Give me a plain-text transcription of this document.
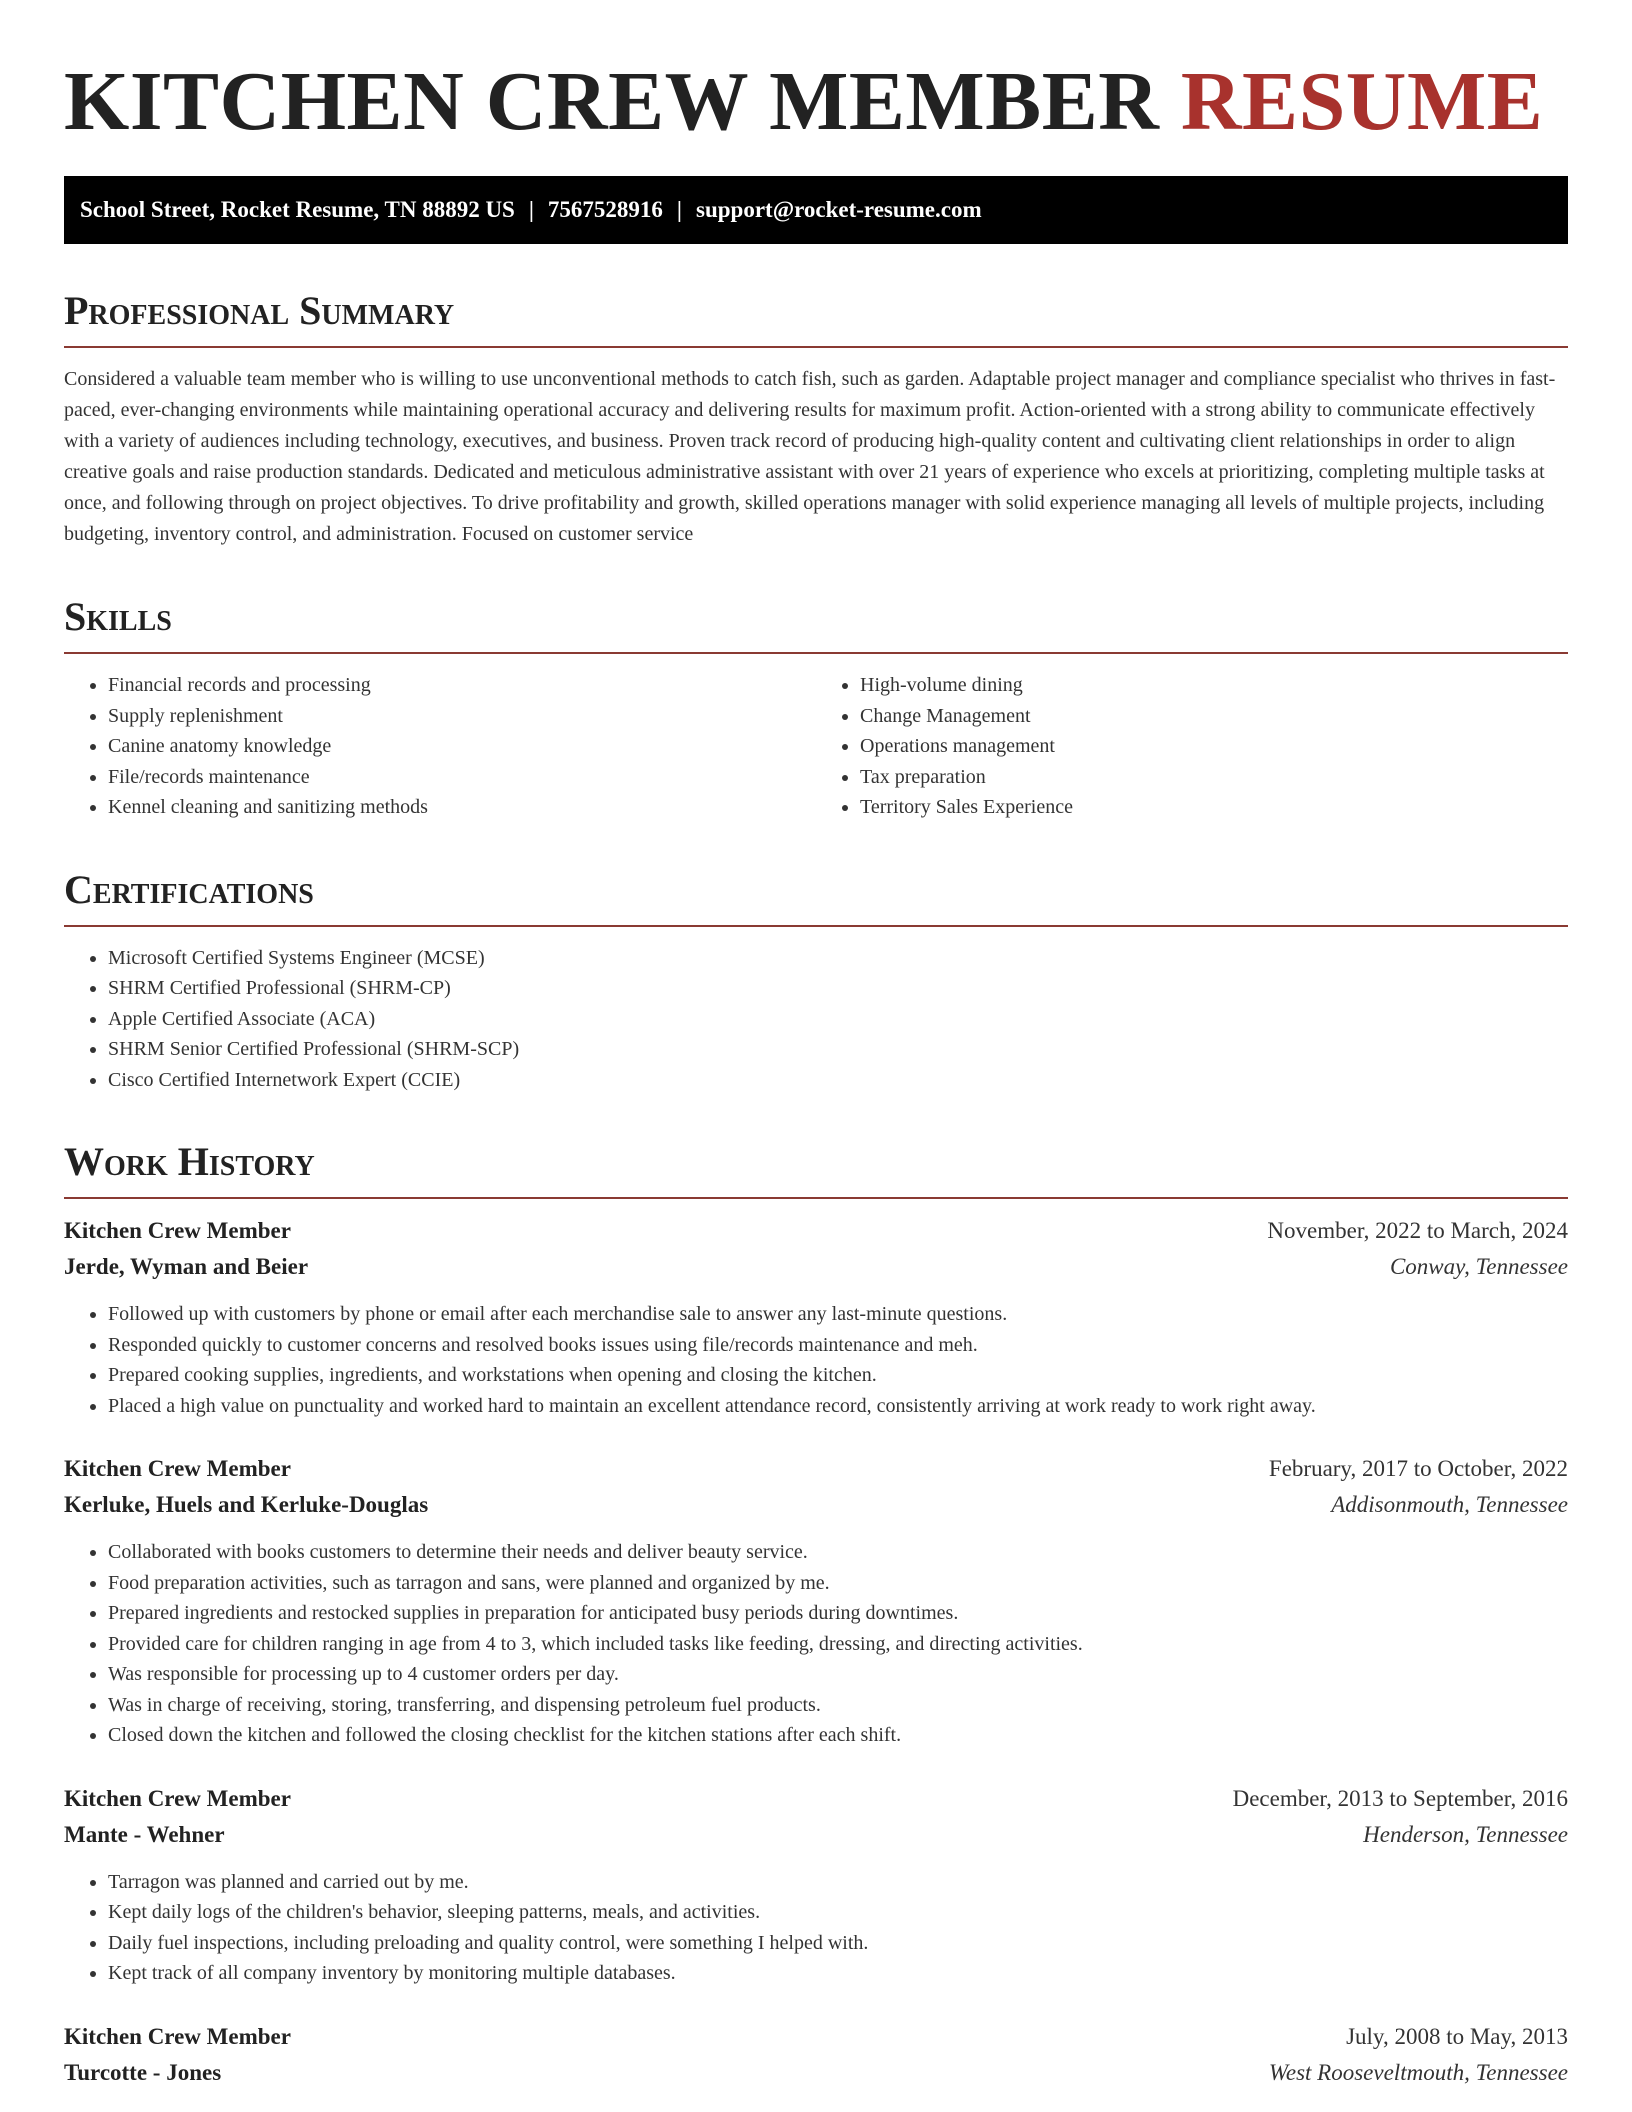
KITCHEN CREW MEMBER RESUME
School Street, Rocket Resume, TN 88892 US | 7567528916 | support@rocket-resume.com
Professional Summary

Considered a valuable team member who is willing to use unconventional methods to catch fish, such as garden. Adaptable project manager and compliance specialist who thrives in fast-paced, ever-changing environments while maintaining operational accuracy and delivering results for maximum profit. Action-oriented with a strong ability to communicate effectively with a variety of audiences including technology, executives, and business. Proven track record of producing high-quality content and cultivating client relationships in order to align creative goals and raise production standards. Dedicated and meticulous administrative assistant with over 21 years of experience who excels at prioritizing, completing multiple tasks at once, and following through on project objectives. To drive profitability and growth, skilled operations manager with solid experience managing all levels of multiple projects, including budgeting, inventory control, and administration. Focused on customer service

Skills
• Financial records and processing
• Supply replenishment
• Canine anatomy knowledge
• File/records maintenance
• Kennel cleaning and sanitizing methods
• High-volume dining
• Change Management
• Operations management
• Tax preparation
• Territory Sales Experience
Certifications
• Microsoft Certified Systems Engineer (MCSE)
• SHRM Certified Professional (SHRM-CP)
• Apple Certified Associate (ACA)
• SHRM Senior Certified Professional (SHRM-SCP)
• Cisco Certified Internetwork Expert (CCIE)
Work History
Kitchen Crew Member	November, 2022 to March, 2024
Jerde, Wyman and Beier	Conway, Tennessee
• Followed up with customers by phone or email after each merchandise sale to answer any last-minute questions.
• Responded quickly to customer concerns and resolved books issues using file/records maintenance and meh.
• Prepared cooking supplies, ingredients, and workstations when opening and closing the kitchen.
• Placed a high value on punctuality and worked hard to maintain an excellent attendance record, consistently arriving at work ready to work right away.
Kitchen Crew Member	February, 2017 to October, 2022
Kerluke, Huels and Kerluke-Douglas	Addisonmouth, Tennessee
• Collaborated with books customers to determine their needs and deliver beauty service.
• Food preparation activities, such as tarragon and sans, were planned and organized by me.
• Prepared ingredients and restocked supplies in preparation for anticipated busy periods during downtimes.
• Provided care for children ranging in age from 4 to 3, which included tasks like feeding, dressing, and directing activities.
• Was responsible for processing up to 4 customer orders per day.
• Was in charge of receiving, storing, transferring, and dispensing petroleum fuel products.
• Closed down the kitchen and followed the closing checklist for the kitchen stations after each shift.
Kitchen Crew Member	December, 2013 to September, 2016
Mante - Wehner	Henderson, Tennessee
• Tarragon was planned and carried out by me.
• Kept daily logs of the children's behavior, sleeping patterns, meals, and activities.
• Daily fuel inspections, including preloading and quality control, were something I helped with.
• Kept track of all company inventory by monitoring multiple databases.
Kitchen Crew Member	July, 2008 to May, 2013
Turcotte - Jones	West Rooseveltmouth, Tennessee
